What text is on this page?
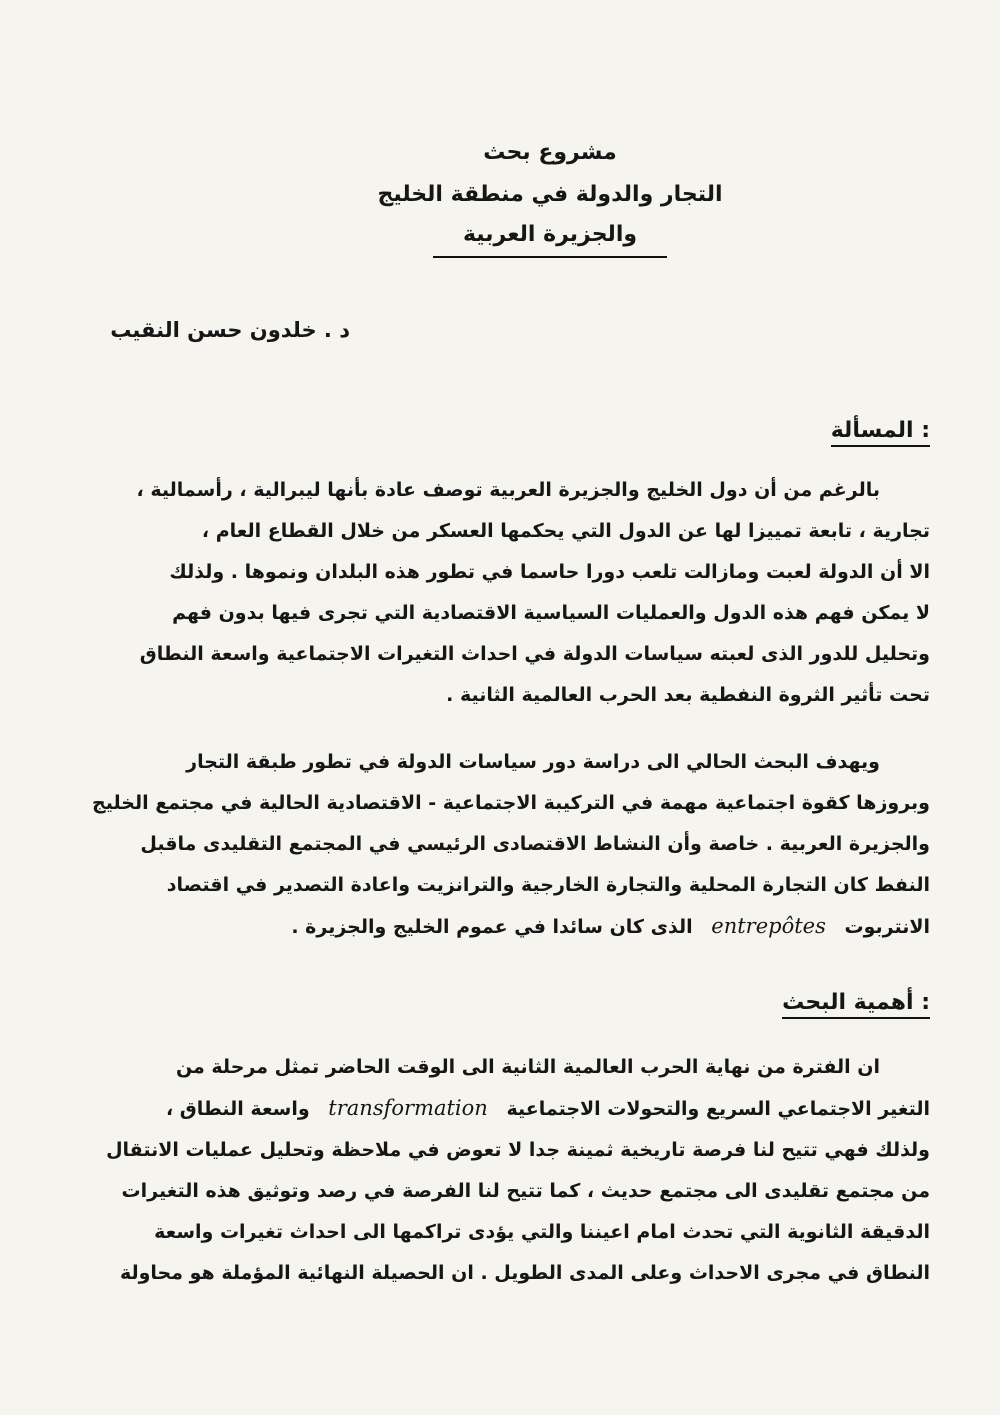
مشروع بحث
التجار والدولة في منطقة الخليج
والجزيرة العربية
د . خلدون حسن النقيب
المسألة :
بالرغم من أن دول الخليج والجزيرة العربية توصف عادة بأنها ليبرالية ، رأسمالية ،
تجارية ، تابعة تمييزا لها عن الدول التي يحكمها العسكر من خلال القطاع العام ،
الا أن الدولة لعبت ومازالت تلعب دورا حاسما في تطور هذه البلدان ونموها . ولذلك
لا يمكن فهم هذه الدول والعمليات السياسية الاقتصادية التي تجرى فيها بدون فهم
وتحليل للدور الذى لعبته سياسات الدولة في احداث التغيرات الاجتماعية واسعة النطاق
تحت تأثير الثروة النفطية بعد الحرب العالمية الثانية .
ويهدف البحث الحالي الى دراسة دور سياسات الدولة في تطور طبقة التجار
وبروزها كقوة اجتماعية مهمة في التركيبة الاجتماعية - الاقتصادية الحالية في مجتمع الخليج
والجزيرة العربية . خاصة وأن النشاط الاقتصادى الرئيسي في المجتمع التقليدى ماقبل
النفط كان التجارة المحلية والتجارة الخارجية والترانزيت واعادة التصدير في اقتصاد
الانتربوت entrepôtes الذى كان سائدا في عموم الخليج والجزيرة .
أهمية البحث :
ان الفترة من نهاية الحرب العالمية الثانية الى الوقت الحاضر تمثل مرحلة من
التغير الاجتماعي السريع والتحولات الاجتماعية transformation واسعة النطاق ،
ولذلك فهي تتيح لنا فرصة تاريخية ثمينة جدا لا تعوض في ملاحظة وتحليل عمليات الانتقال
من مجتمع تقليدى الى مجتمع حديث ، كما تتيح لنا الفرصة في رصد وتوثيق هذه التغيرات
الدقيقة الثانوية التي تحدث امام اعيننا والتي يؤدى تراكمها الى احداث تغيرات واسعة
النطاق في مجرى الاحداث وعلى المدى الطويل . ان الحصيلة النهائية المؤملة هو محاولة
